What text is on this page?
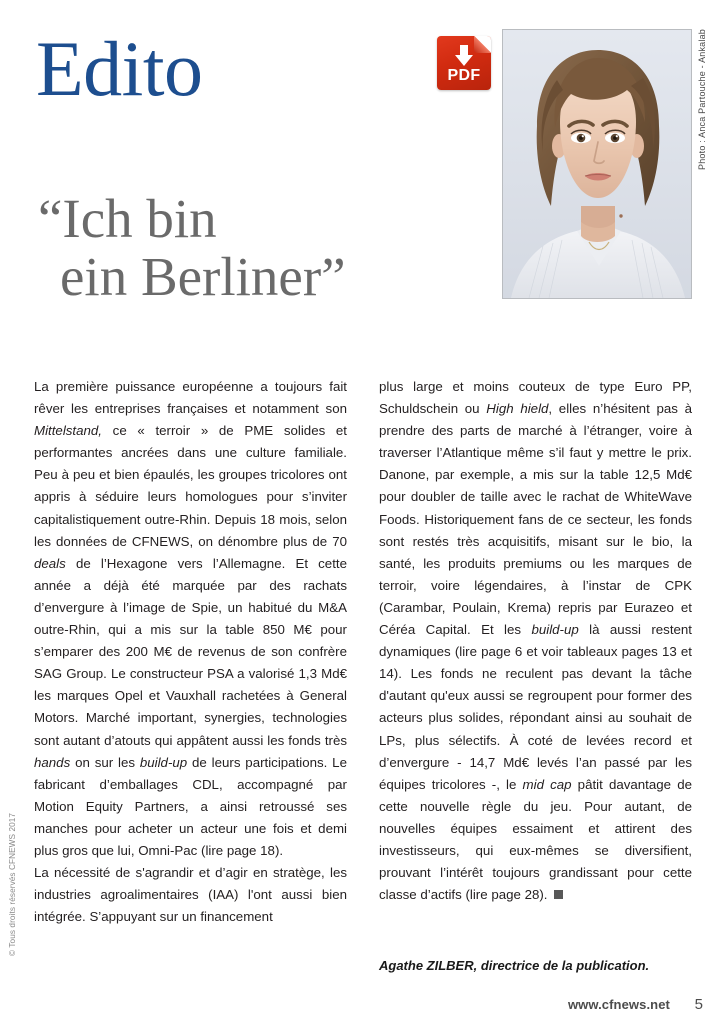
Edito	PDF	Photo : Anca Partouche - Ankalab
“Ich bin
ein Berliner”

La première puissance européenne a toujours fait rêver les entreprises françaises et notamment son Mittelstand, ce « terroir » de PME solides et performantes ancrées dans une culture familiale. Peu à peu et bien épaulés, les groupes tricolores ont appris à séduire leurs homologues pour s’inviter capitalistiquement outre-Rhin. Depuis 18 mois, selon les données de CFNEWS, on dénombre plus de 70 deals de l’Hexagone vers l’Allemagne. Et cette année a déjà été marquée par des rachats d’envergure à l’image de Spie, un habitué du M&A outre-Rhin, qui a mis sur la table 850 M€ pour s’emparer des 200 M€ de revenus de son confrère SAG Group. Le constructeur PSA a valorisé 1,3 Md€ les marques Opel et Vauxhall rachetées à General Motors. Marché important, synergies, technologies sont autant d’atouts qui appâtent aussi les fonds très hands on sur les build-up de leurs participations. Le fabricant d’emballages CDL, accompagné par Motion Equity Partners, a ainsi retroussé ses manches pour acheter un acteur une fois et demi plus gros que lui, Omni-Pac (lire page 18).

La nécessité de s'agrandir et d’agir en stratège, les industries agroalimentaires (IAA) l'ont aussi bien intégrée. S’appuyant sur un financement

plus large et moins couteux de type Euro PP, Schuldschein ou High hield, elles n’hésitent pas à prendre des parts de marché à l’étranger, voire à traverser l’Atlantique même s’il faut y mettre le prix. Danone, par exemple, a mis sur la table 12,5 Md€ pour doubler de taille avec le rachat de WhiteWave Foods. Historiquement fans de ce secteur, les fonds sont restés très acquisitifs, misant sur le bio, la santé, les produits premiums ou les marques de terroir, voire légendaires, à l’instar de CPK (Carambar, Poulain, Krema) repris par Eurazeo et Céréa Capital. Et les build-up là aussi restent dynamiques (lire page 6 et voir tableaux pages 13 et 14). Les fonds ne reculent pas devant la tâche d'autant qu'eux aussi se regroupent pour former des acteurs plus solides, répondant ainsi au souhait de LPs, plus sélectifs. À coté de levées record et d’envergure - 14,7 Md€ levés l’an passé par les équipes tricolores -, le mid cap pâtit davantage de cette nouvelle règle du jeu. Pour autant, de nouvelles équipes essaiment et attirent des investisseurs, qui eux-mêmes se diversifient, prouvant l’intérêt toujours grandissant pour cette classe d’actifs (lire page 28).

Agathe ZILBER, directrice de la publication.
www.cfnews.net 5
© Tous droits réservés CFNEWS 2017
